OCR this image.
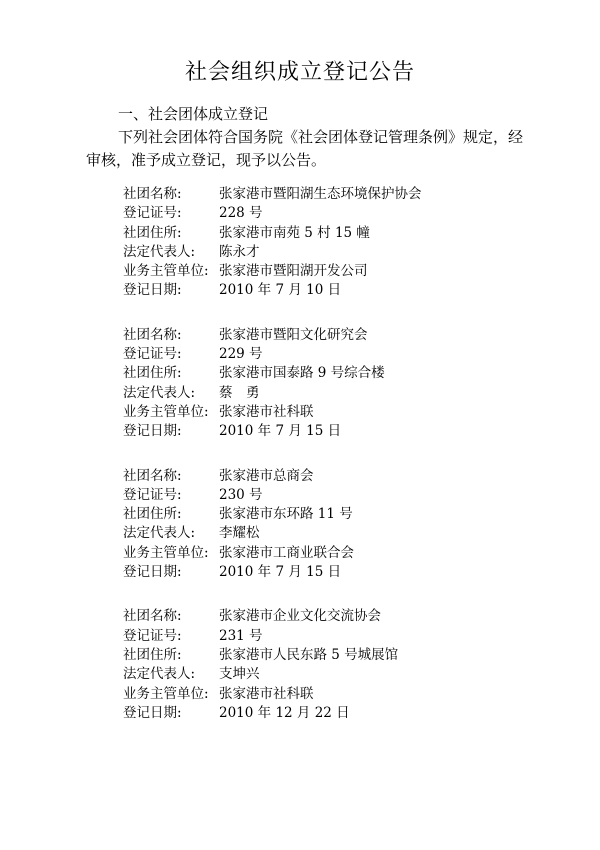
社会组织成立登记公告
一、社会团体成立登记

下列社会团体符合国务院《社会团体登记管理条例》规定，经审核，准予成立登记，现予以公告。

社团名称:	张家港市暨阳湖生态环境保护协会
登记证号:	228 号
社团住所:	张家港市南苑 5 村 15 幢
法定代表人:	陈永才
业务主管单位: 张家港市暨阳湖开发公司
登记日期:	2010 年 7 月 10 日
社团名称:	张家港市暨阳文化研究会
登记证号:	229 号
社团住所:	张家港市国泰路 9 号综合楼
法定代表人:	蔡　勇
业务主管单位: 张家港市社科联
登记日期:	2010 年 7 月 15 日
社团名称:	张家港市总商会
登记证号:	230 号
社团住所:	张家港市东环路 11 号
法定代表人:	李耀松
业务主管单位: 张家港市工商业联合会
登记日期:	2010 年 7 月 15 日
社团名称:	张家港市企业文化交流协会
登记证号:	231 号
社团住所:	张家港市人民东路 5 号城展馆
法定代表人:	支坤兴
业务主管单位: 张家港市社科联
登记日期:	2010 年 12 月 22 日
